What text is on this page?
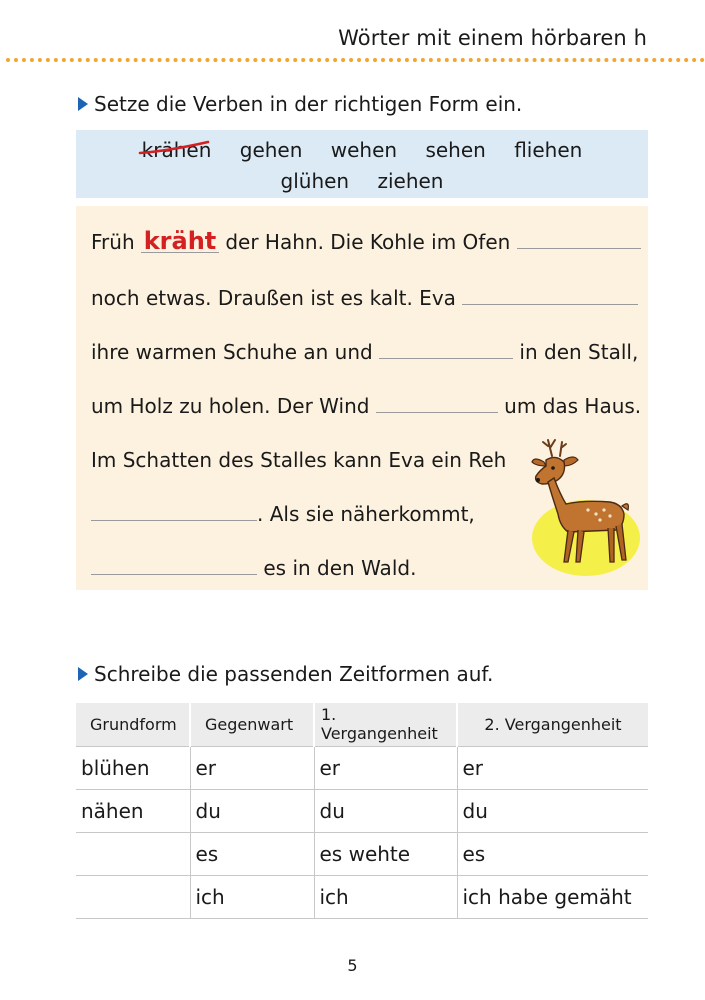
Wörter mit einem hörbaren h
Setze die Verben in der richtigen Form ein.
krähen gehen wehen sehen fliehen
glühen ziehen
Früh kräht der Hahn. Die Kohle im Ofen
noch etwas. Draußen ist es kalt. Eva
ihre warmen Schuhe an und	in den Stall,
um Holz zu holen. Der Wind	um das Haus.
Im Schatten des Stalles kann Eva ein Reh
. Als sie näherkommt,
es in den Wald.
Schreibe die passenden Zeitformen auf.
Grundform	Gegenwart	1. Vergangenheit	2. Vergangenheit
blühen	er	er	er
nähen	du	du	du
	es	es wehte	es
	ich	ich	ich habe gemäht
5
